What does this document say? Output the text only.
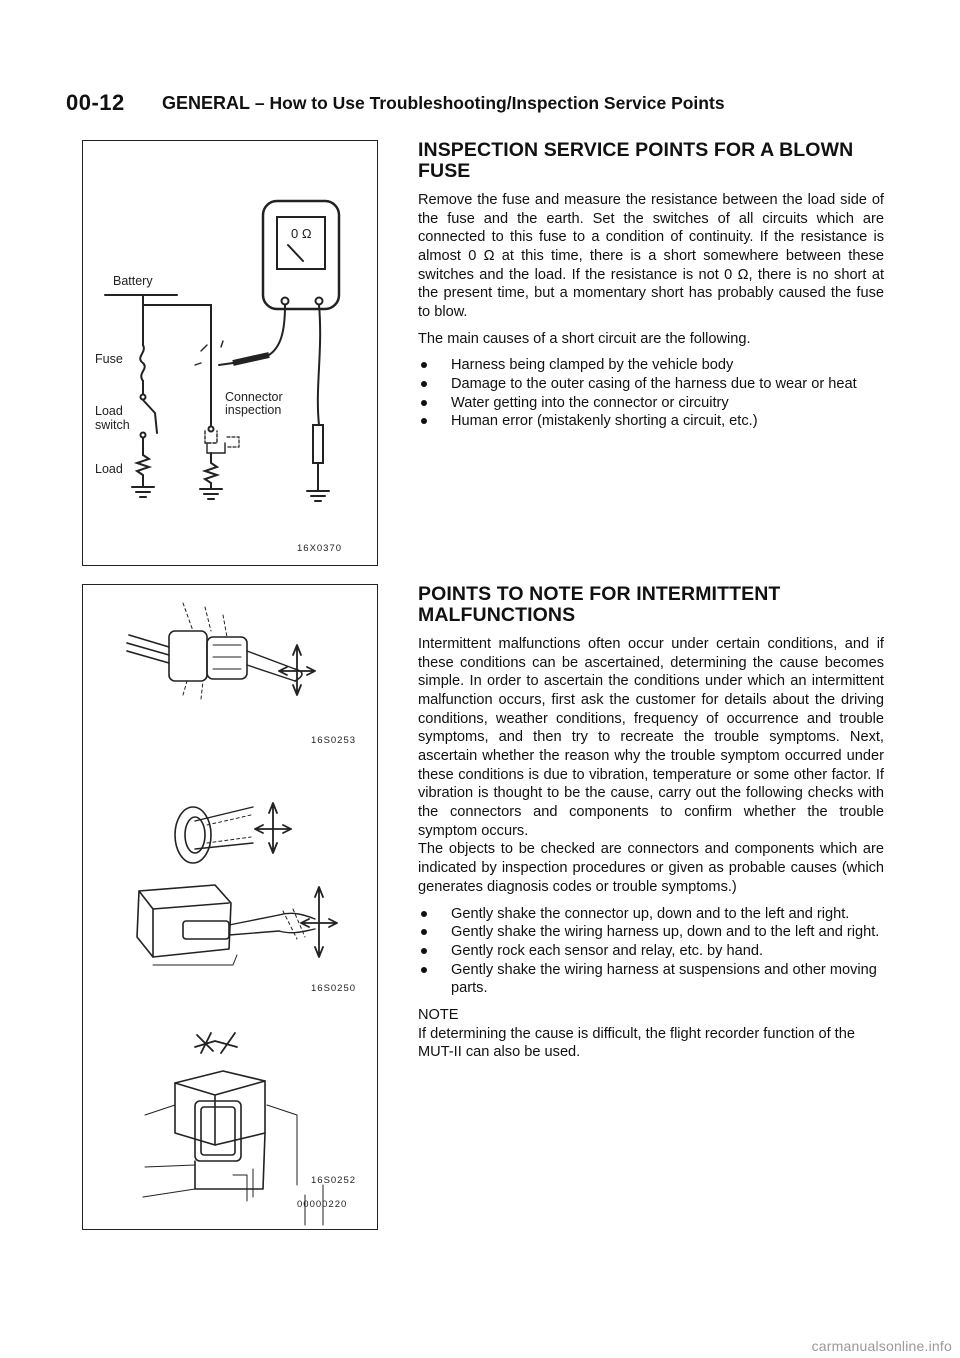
00-12 GENERAL – How to Use Troubleshooting/Inspection Service Points
0 Ω
Battery
Fuse
Load
switch
Load
Connector
inspection
16X0370
16S0253
16S0250
16S0252
00000220
INSPECTION SERVICE POINTS FOR A BLOWN FUSE

Remove the fuse and measure the resistance between the load side of the fuse and the earth. Set the switches of all circuits which are connected to this fuse to a condition of continuity. If the resistance is almost 0 Ω at this time, there is a short somewhere between these switches and the load. If the resistance is not 0 Ω, there is no short at the present time, but a momentary short has probably caused the fuse to blow.

The main causes of a short circuit are the following.

Harness being clamped by the vehicle body
Damage to the outer casing of the harness due to wear or heat
Water getting into the connector or circuitry
Human error (mistakenly shorting a circuit, etc.)
POINTS TO NOTE FOR INTERMITTENT MALFUNCTIONS

Intermittent malfunctions often occur under certain conditions, and if these conditions can be ascertained, determining the cause becomes simple. In order to ascertain the conditions under which an intermittent malfunction occurs, first ask the customer for details about the driving conditions, weather conditions, frequency of occurrence and trouble symptoms, and then try to recreate the trouble symptoms. Next, ascertain whether the reason why the trouble symptom occurred under these conditions is due to vibration, temperature or some other factor. If vibration is thought to be the cause, carry out the following checks with the connectors and components to confirm whether the trouble symptom occurs.

The objects to be checked are connectors and components which are indicated by inspection procedures or given as probable causes (which generates diagnosis codes or trouble symptoms.)

Gently shake the connector up, down and to the left and right.
Gently shake the wiring harness up, down and to the left and right.
Gently rock each sensor and relay, etc. by hand.
Gently shake the wiring harness at suspensions and other moving parts.

NOTE

If determining the cause is difficult, the flight recorder function of the MUT-II can also be used.

carmanualsonline.info
